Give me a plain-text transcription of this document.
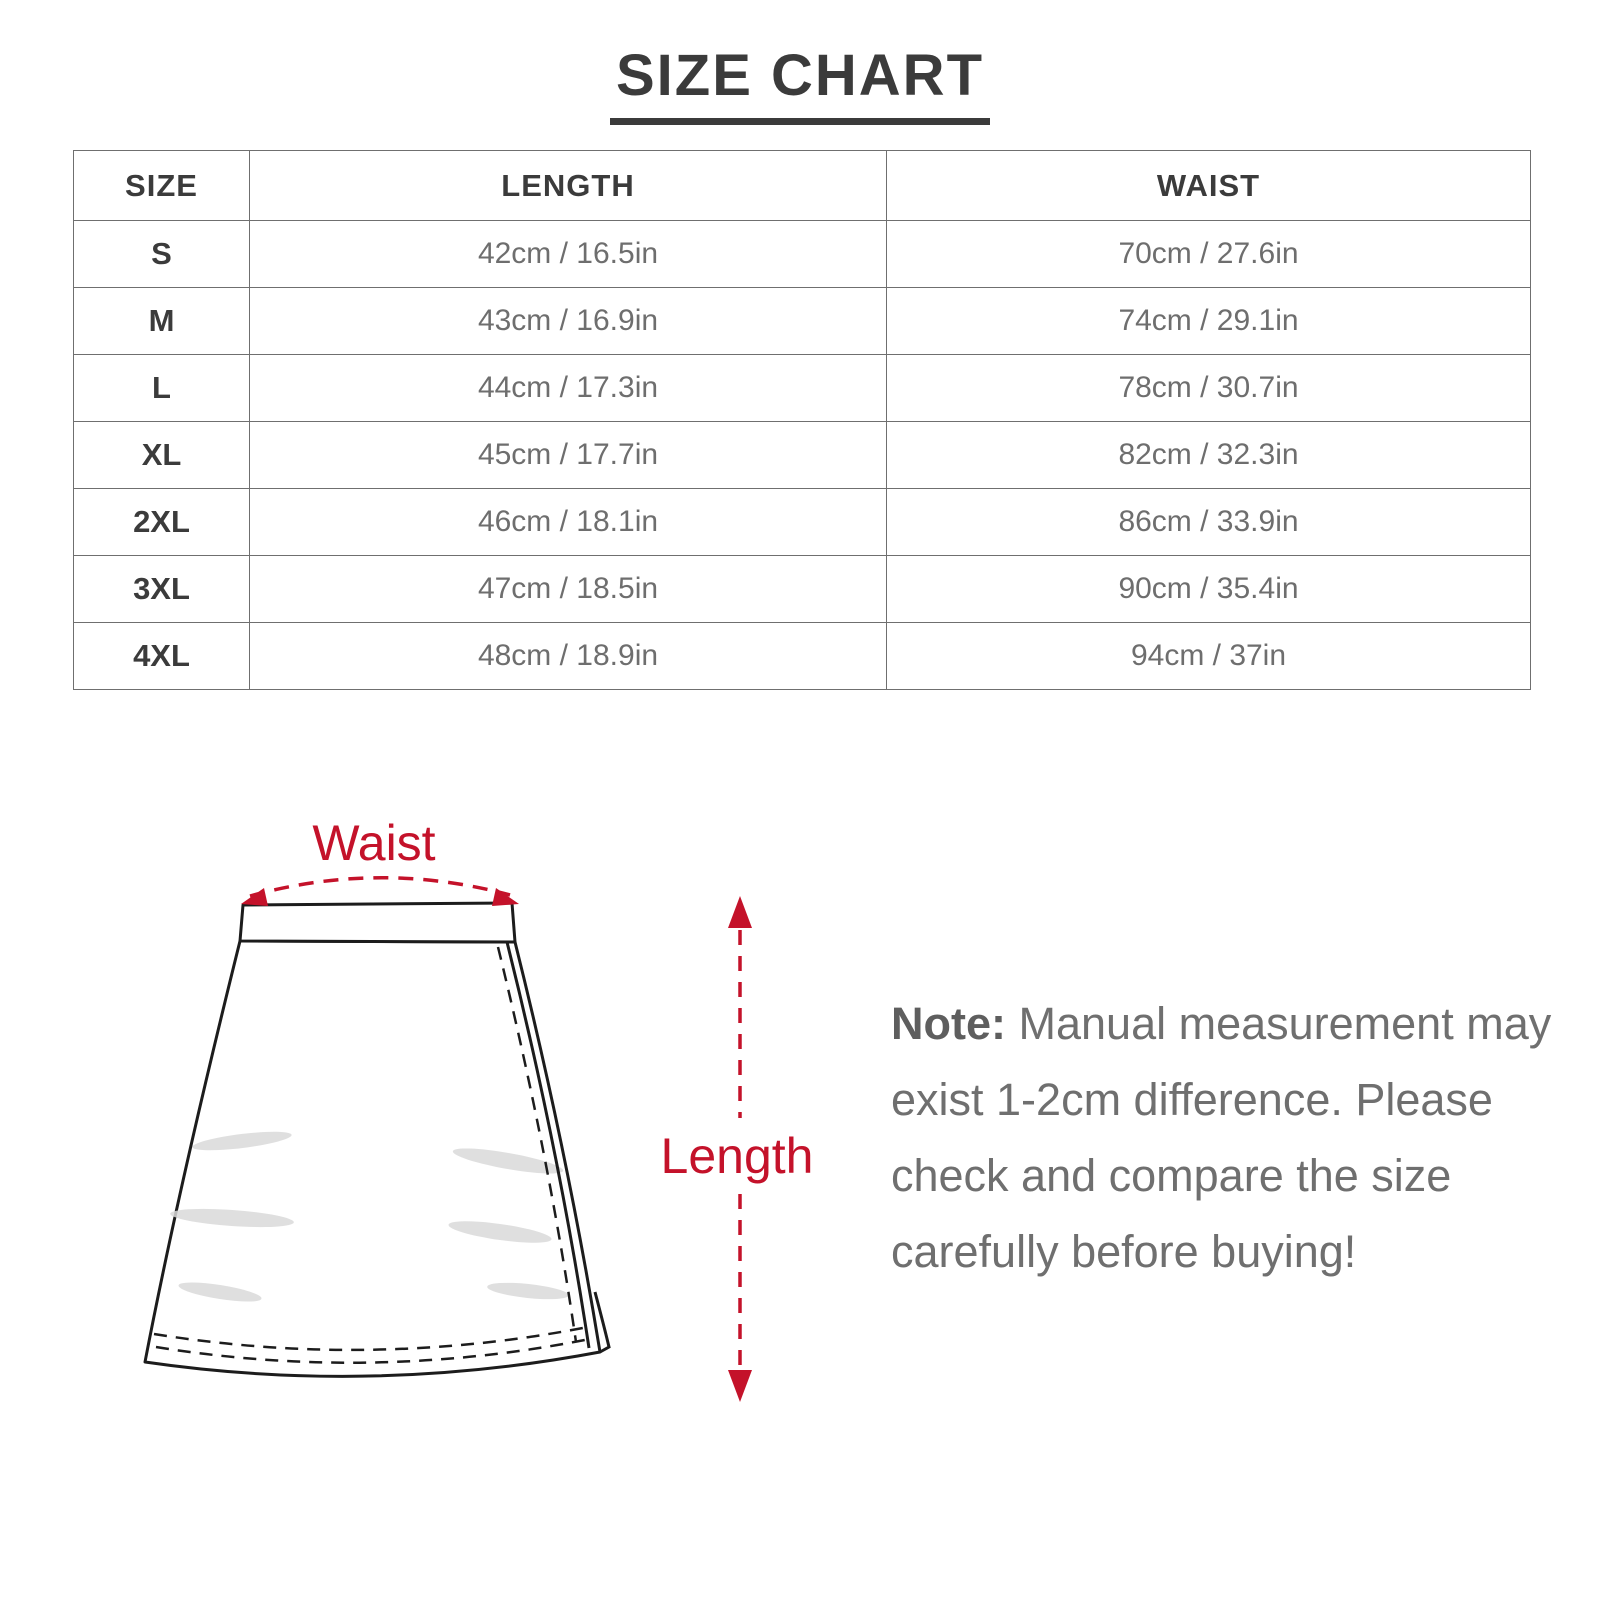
SIZE CHART
SIZE	LENGTH	WAIST
S	42cm / 16.5in	70cm / 27.6in
M	43cm / 16.9in	74cm / 29.1in
L	44cm / 17.3in	78cm / 30.7in
XL	45cm / 17.7in	82cm / 32.3in
2XL	46cm / 18.1in	86cm / 33.9in
3XL	47cm / 18.5in	90cm / 35.4in
4XL	48cm / 18.9in	94cm / 37in
Waist
Length
Note: Manual measurement may
exist 1-2cm difference. Please
check and compare the size
carefully before buying!
